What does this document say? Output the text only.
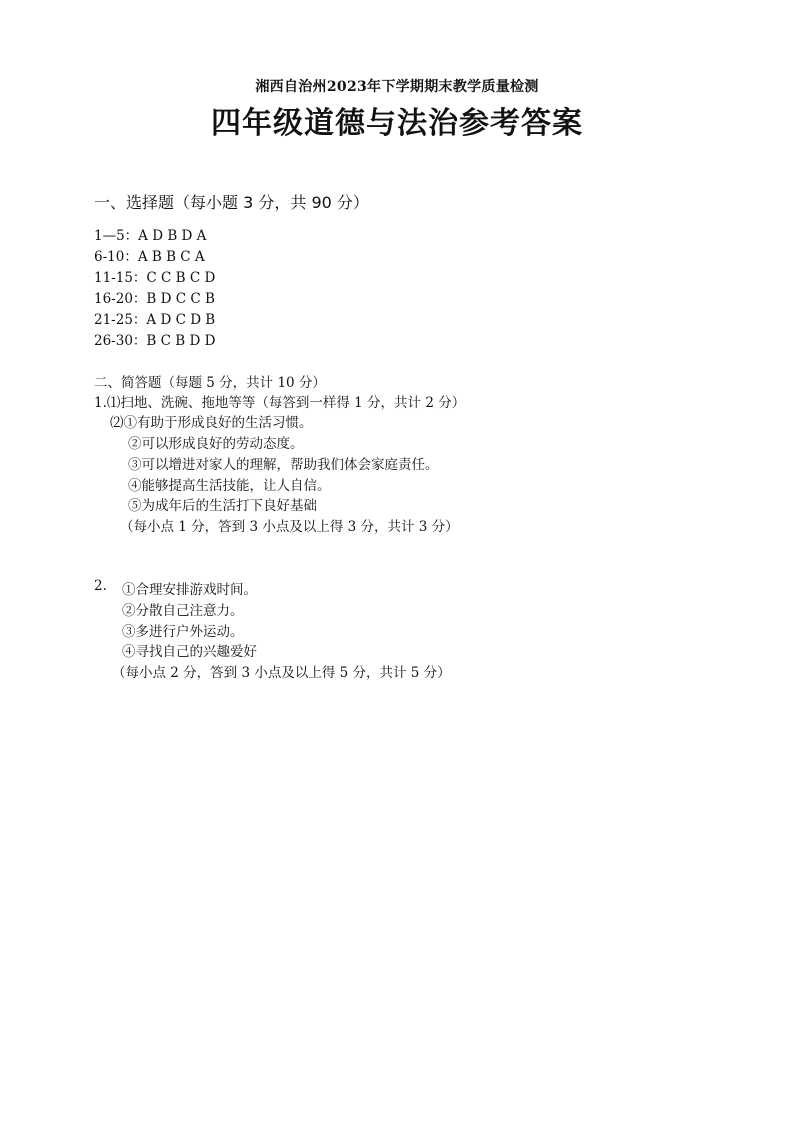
湘西自治州2023年下学期期末教学质量检测
四年级道德与法治参考答案
一、选择题（每小题 3 分，共 90 分）
1—5：A D B D A
6-10：A B B C A
11-15：C C B C D
16-20：B D C C B
21-25：A D C D B
26-30：B C B D D
二、简答题（每题 5 分，共计 10 分）
1.⑴扫地、洗碗、拖地等等（每答到一样得 1 分，共计 2 分）
⑵①有助于形成良好的生活习惯。
②可以形成良好的劳动态度。
③可以增进对家人的理解，帮助我们体会家庭责任。
④能够提高生活技能，让人自信。
⑤为成年后的生活打下良好基础
（每小点 1 分，答到 3 小点及以上得 3 分，共计 3 分）
2. ①合理安排游戏时间。
②分散自己注意力。
③多进行户外运动。
④寻找自己的兴趣爱好
（每小点 2 分，答到 3 小点及以上得 5 分，共计 5 分）
